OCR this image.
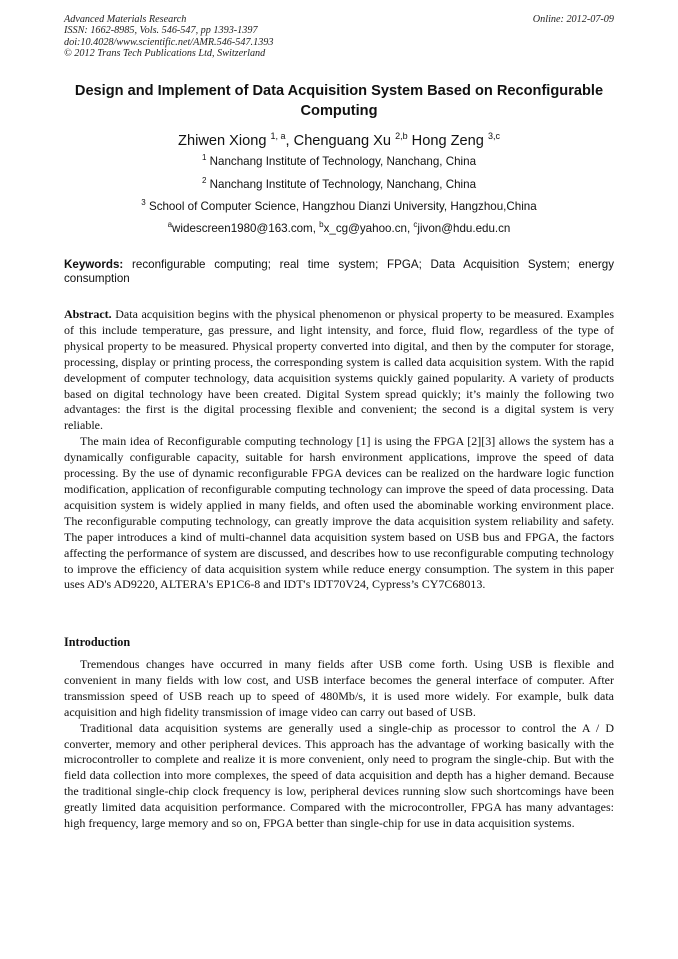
Advanced Materials Research
ISSN: 1662-8985, Vols. 546-547, pp 1393-1397
doi:10.4028/www.scientific.net/AMR.546-547.1393
© 2012 Trans Tech Publications Ltd, Switzerland
Online: 2012-07-09
Design and Implement of Data Acquisition System Based on Reconfigurable Computing
Zhiwen Xiong $^{1, a}$, Chenguang Xu $^{2,b}$ Hong Zeng $^{3,c}$
$^1$ Nanchang Institute of Technology, Nanchang, China
$^2$ Nanchang Institute of Technology, Nanchang, China
$^3$ School of Computer Science, Hangzhou Dianzi University, Hangzhou,China
$^a$widescreen1980@163.com, $^b$x_cg@yahoo.cn, $^c$jivon@hdu.edu.cn
Keywords: reconfigurable computing; real time system; FPGA; Data Acquisition System; energy consumption

Abstract. Data acquisition begins with the physical phenomenon or physical property to be measured. Examples of this include temperature, gas pressure, and light intensity, and force, fluid flow, regardless of the type of physical property to be measured. Physical property converted into digital, and then by the computer for storage, processing, display or printing process, the corresponding system is called data acquisition system. With the rapid development of computer technology, data acquisition systems quickly gained popularity. A variety of products based on digital technology have been created. Digital System spread quickly; it’s mainly the following two advantages: the first is the digital processing flexible and convenient; the second is a digital system is very reliable.

The main idea of Reconfigurable computing technology [1] is using the FPGA [2][3] allows the system has a dynamically configurable capacity, suitable for harsh environment applications, improve the speed of data processing. By the use of dynamic reconfigurable FPGA devices can be realized on the hardware logic function modification, application of reconfigurable computing technology can improve the speed of data processing. Data acquisition system is widely applied in many fields, and often used the abominable working environment place. The reconfigurable computing technology, can greatly improve the data acquisition system reliability and safety. The paper introduces a kind of multi-channel data acquisition system based on USB bus and FPGA, the factors affecting the performance of system are discussed, and describes how to use reconfigurable computing technology to improve the efficiency of data acquisition system while reduce energy consumption. The system in this paper uses AD's AD9220, ALTERA's EP1C6-8 and IDT's IDT70V24, Cypress’s CY7C68013.

Introduction

Tremendous changes have occurred in many fields after USB come forth. Using USB is flexible and convenient in many fields with low cost, and USB interface becomes the general interface of computer. After transmission speed of USB reach up to speed of 480Mb/s, it is used more widely. For example, bulk data acquisition and high fidelity transmission of image video can carry out based of USB.

Traditional data acquisition systems are generally used a single-chip as processor to control the A / D converter, memory and other peripheral devices. This approach has the advantage of working basically with the microcontroller to complete and realize it is more convenient, only need to program the single-chip. But with the field data collection into more complexes, the speed of data acquisition and depth has a higher demand. Because the traditional single-chip clock frequency is low, peripheral devices running slow such shortcomings have been greatly limited data acquisition performance. Compared with the microcontroller, FPGA has many advantages: high frequency, large memory and so on, FPGA better than single-chip for use in data acquisition systems.
